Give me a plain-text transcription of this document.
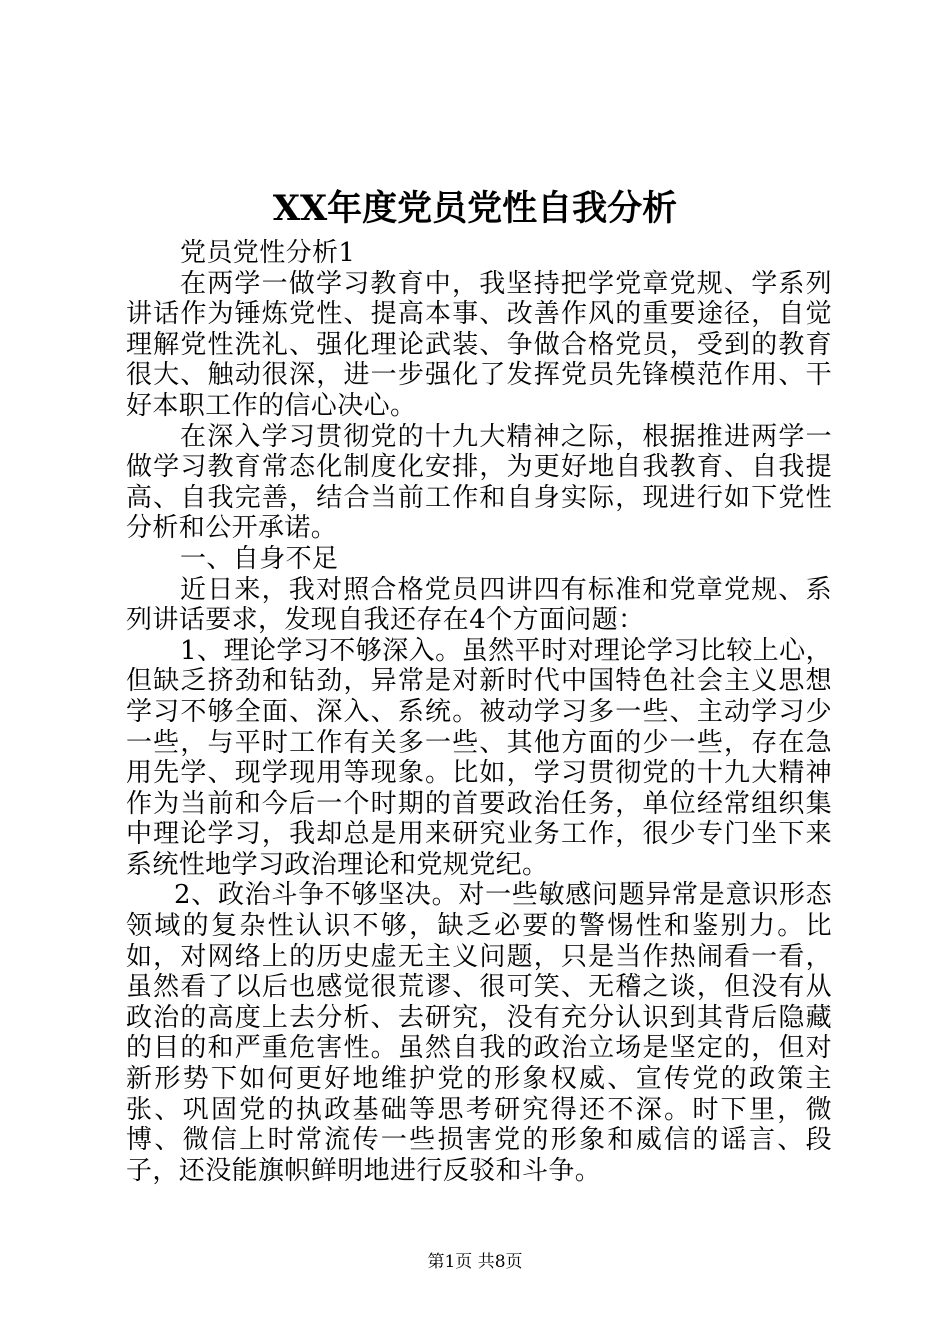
XX年度党员党性自我分析

党员党性分析1

在两学一做学习教育中，我坚持把学党章党规、学系列讲话作为锤炼党性、提高本事、改善作风的重要途径，自觉理解党性洗礼、强化理论武装、争做合格党员，受到的教育很大、触动很深，进一步强化了发挥党员先锋模范作用、干好本职工作的信心决心。

在深入学习贯彻党的十九大精神之际，根据推进两学一做学习教育常态化制度化安排，为更好地自我教育、自我提高、自我完善，结合当前工作和自身实际，现进行如下党性分析和公开承诺。

一、自身不足

近日来，我对照合格党员四讲四有标准和党章党规、系列讲话要求，发现自我还存在4个方面问题：

1、理论学习不够深入。虽然平时对理论学习比较上心，但缺乏挤劲和钻劲，异常是对新时代中国特色社会主义思想学习不够全面、深入、系统。被动学习多一些、主动学习少一些，与平时工作有关多一些、其他方面的少一些，存在急用先学、现学现用等现象。比如，学习贯彻党的十九大精神作为当前和今后一个时期的首要政治任务，单位经常组织集中理论学习，我却总是用来研究业务工作，很少专门坐下来系统性地学习政治理论和党规党纪。

2、政治斗争不够坚决。对一些敏感问题异常是意识形态领域的复杂性认识不够，缺乏必要的警惕性和鉴别力。比如，对网络上的历史虚无主义问题，只是当作热闹看一看，虽然看了以后也感觉很荒谬、很可笑、无稽之谈，但没有从政治的高度上去分析、去研究，没有充分认识到其背后隐藏的目的和严重危害性。虽然自我的政治立场是坚定的，但对新形势下如何更好地维护党的形象权威、宣传党的政策主张、巩固党的执政基础等思考研究得还不深。时下里，微博、微信上时常流传一些损害党的形象和威信的谣言、段子，还没能旗帜鲜明地进行反驳和斗争。

第1页 共8页
